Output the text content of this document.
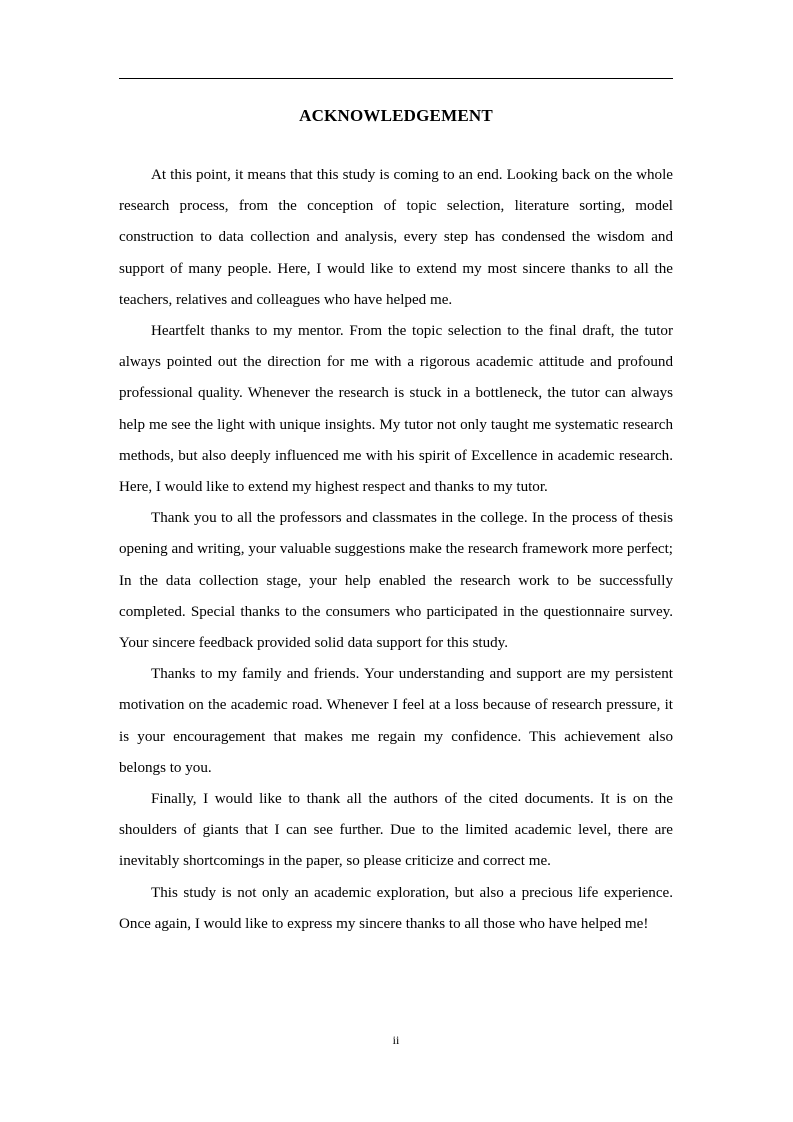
ACKNOWLEDGEMENT

At this point, it means that this study is coming to an end. Looking back on the whole research process, from the conception of topic selection, literature sorting, model construction to data collection and analysis, every step has condensed the wisdom and support of many people. Here, I would like to extend my most sincere thanks to all the teachers, relatives and colleagues who have helped me.

Heartfelt thanks to my mentor. From the topic selection to the final draft, the tutor always pointed out the direction for me with a rigorous academic attitude and profound professional quality. Whenever the research is stuck in a bottleneck, the tutor can always help me see the light with unique insights. My tutor not only taught me systematic research methods, but also deeply influenced me with his spirit of Excellence in academic research. Here, I would like to extend my highest respect and thanks to my tutor.

Thank you to all the professors and classmates in the college. In the process of thesis opening and writing, your valuable suggestions make the research framework more perfect; In the data collection stage, your help enabled the research work to be successfully completed. Special thanks to the consumers who participated in the questionnaire survey. Your sincere feedback provided solid data support for this study.

Thanks to my family and friends. Your understanding and support are my persistent motivation on the academic road. Whenever I feel at a loss because of research pressure, it is your encouragement that makes me regain my confidence. This achievement also belongs to you.

Finally, I would like to thank all the authors of the cited documents. It is on the shoulders of giants that I can see further. Due to the limited academic level, there are inevitably shortcomings in the paper, so please criticize and correct me.

This study is not only an academic exploration, but also a precious life experience. Once again, I would like to express my sincere thanks to all those who have helped me!

ii
